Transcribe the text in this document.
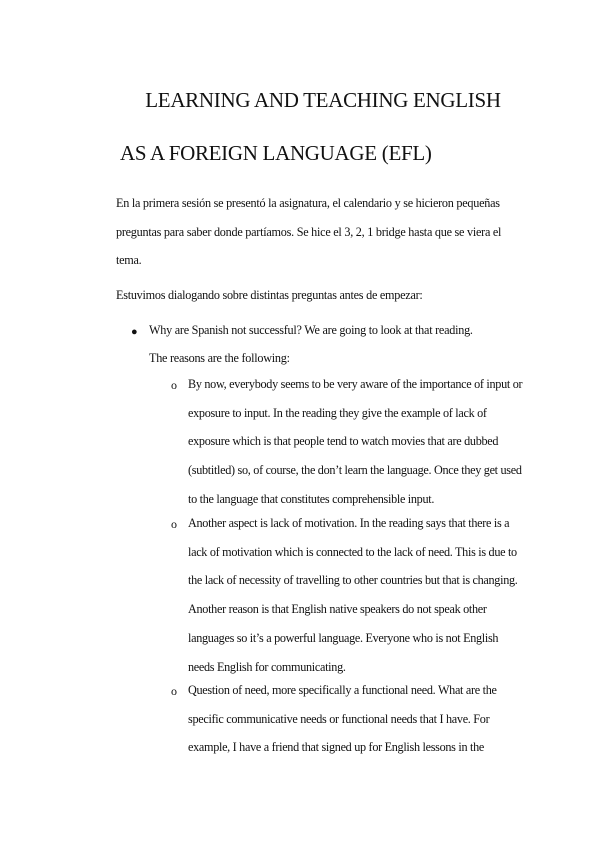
LEARNING AND TEACHING ENGLISH
AS A FOREIGN LANGUAGE (EFL)

En la primera sesión se presentó la asignatura, el calendario y se hicieron pequeñas preguntas para saber donde partíamos. Se hice el 3, 2, 1 bridge hasta que se viera el tema.

Estuvimos dialogando sobre distintas preguntas antes de empezar:

● Why are Spanish not successful? We are going to look at that reading.

The reasons are the following:

o By now, everybody seems to be very aware of the importance of input or exposure to input. In the reading they give the example of lack of exposure which is that people tend to watch movies that are dubbed (subtitled) so, of course, the don’t learn the language. Once they get used to the language that constitutes comprehensible input.

o Another aspect is lack of motivation. In the reading says that there is a lack of motivation which is connected to the lack of need. This is due to the lack of necessity of travelling to other countries but that is changing. Another reason is that English native speakers do not speak other languages so it’s a powerful language. Everyone who is not English needs English for communicating.

o Question of need, more specifically a functional need. What are the specific communicative needs or functional needs that I have. For example, I have a friend that signed up for English lessons in the
